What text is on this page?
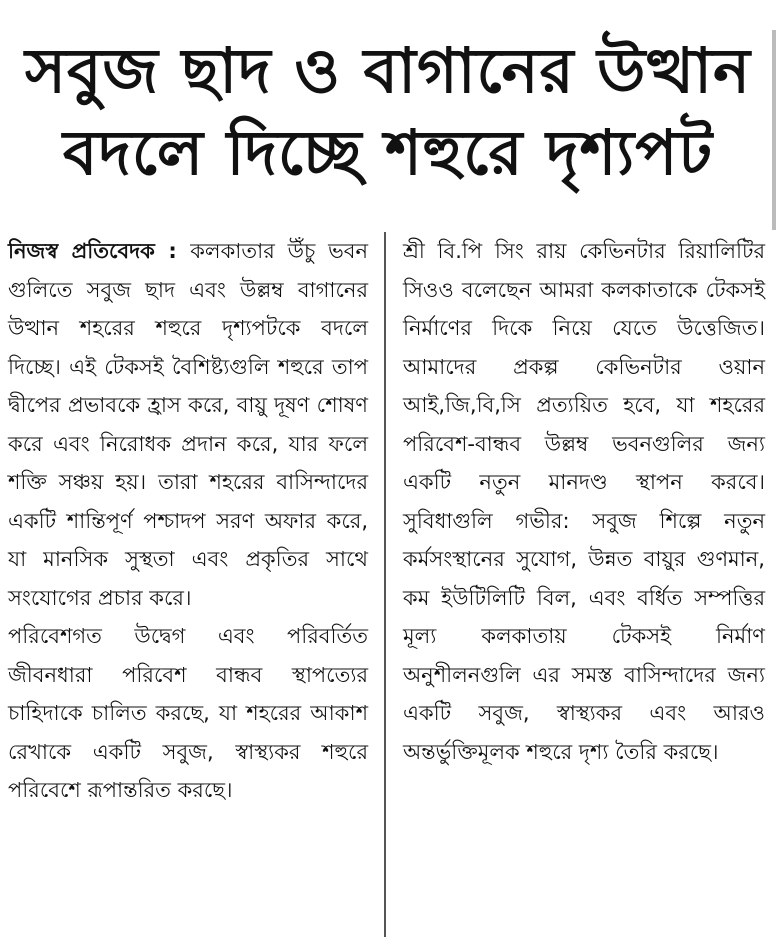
সবুজ ছাদ ও বাগানের উত্থান
বদলে দিচ্ছে শহুরে দৃশ্যপট

নিজস্ব প্রতিবেদক : কলকাতার উঁচু ভবন গুলিতে সবুজ ছাদ এবং উল্লম্ব বাগানের উত্থান শহরের শহুরে দৃশ্যপটকে বদলে দিচ্ছে। এই টেকসই বৈশিষ্ট্যগুলি শহুরে তাপ দ্বীপের প্রভাবকে হ্রাস করে, বায়ু দূষণ শোষণ করে এবং নিরোধক প্রদান করে, যার ফলে শক্তি সঞ্চয় হয়। তারা শহরের বাসিন্দাদের একটি শান্তিপূর্ণ পশ্চাদপ সরণ অফার করে, যা মানসিক সুস্থতা এবং প্রকৃতির সাথে সংযোগের প্রচার করে।

পরিবেশগত উদ্বেগ এবং পরিবর্তিত জীবনধারা পরিবেশ বান্ধব স্থাপত্যের চাহিদাকে চালিত করছে, যা শহরের আকাশ রেখাকে একটি সবুজ, স্বাস্থ্যকর শহুরে পরিবেশে রূপান্তরিত করছে।

শ্রী বি.পি সিং রায় কেভিনটার রিয়ালিটির সিওও বলেছেন আমরা কলকাতাকে টেকসই নির্মাণের দিকে নিয়ে যেতে উত্তেজিত। আমাদের প্রকল্প কেভিনটার ওয়ান আই,জি,বি,সি প্রত্যয়িত হবে, যা শহরের পরিবেশ-বান্ধব উল্লম্ব ভবনগুলির জন্য একটি নতুন মানদণ্ড স্থাপন করবে। সুবিধাগুলি গভীর: সবুজ শিল্পে নতুন কর্মসংস্থানের সুযোগ, উন্নত বায়ুর গুণমান, কম ইউটিলিটি বিল, এবং বর্ধিত সম্পত্তির মূল্য কলকাতায় টেকসই নির্মাণ অনুশীলনগুলি এর সমস্ত বাসিন্দাদের জন্য একটি সবুজ, স্বাস্থ্যকর এবং আরও অন্তর্ভুক্তিমূলক শহুরে দৃশ্য তৈরি করছে।
